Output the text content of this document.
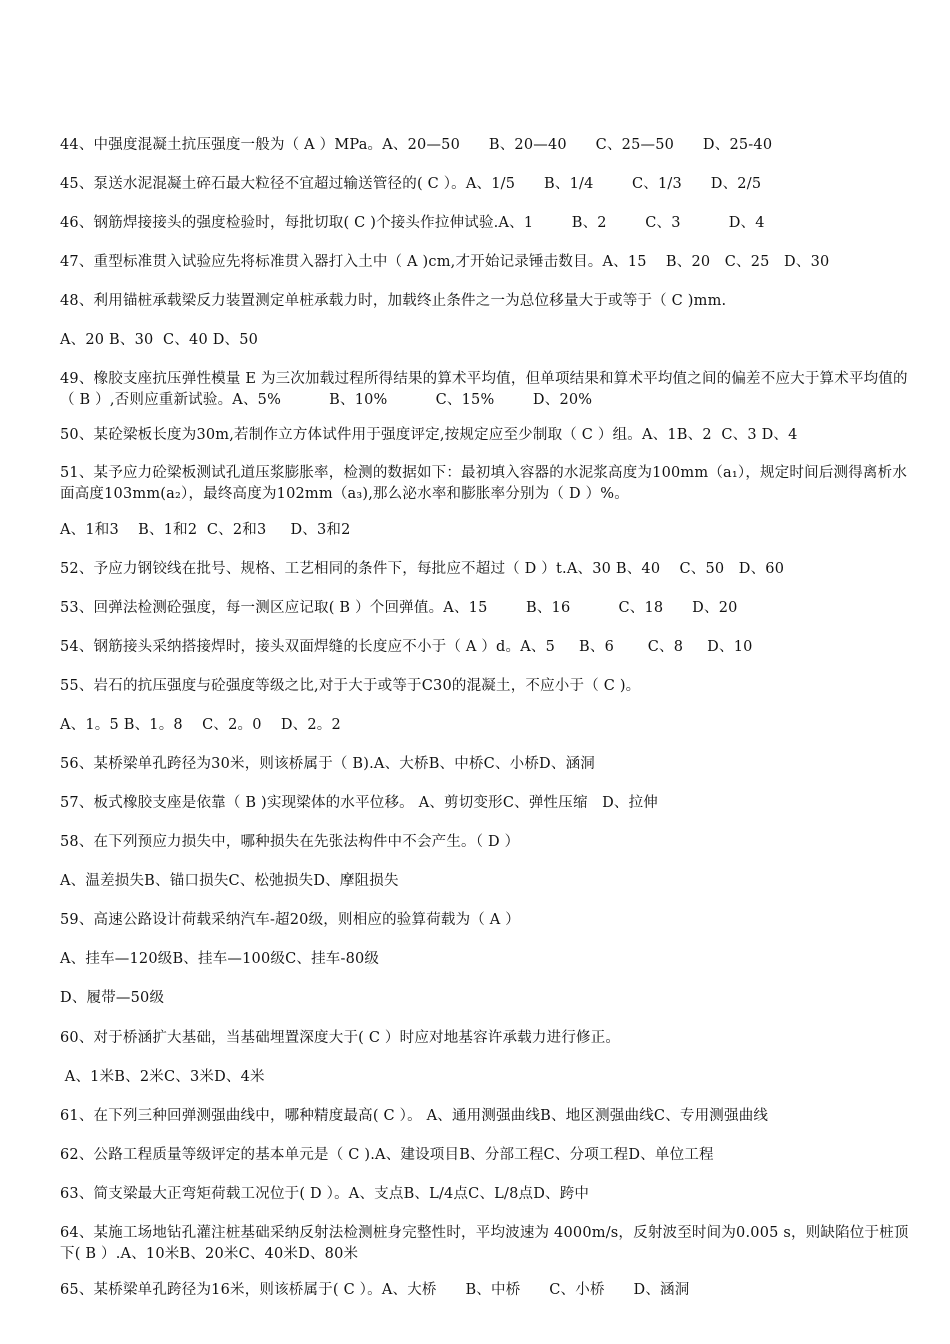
44、中强度混凝土抗压强度一般为（ A ）MPa。A、20—50      B、20—40      C、25—50      D、25-40
45、泵送水泥混凝土碎石最大粒径不宜超过输送管径的( C ）。A、1/5      B、1/4        C、1/3      D、2/5
46、钢筋焊接接头的强度检验时，每批切取( C )个接头作拉伸试验.A、1        B、2        C、3          D、4
47、重型标准贯入试验应先将标准贯入器打入土中（ A )cm,才开始记录锤击数目。A、15    B、20   C、25   D、30
48、利用锚桩承载梁反力装置测定单桩承载力时，加载终止条件之一为总位移量大于或等于（ C )mm.
A、20 B、30  C、40 D、50
49、橡胶支座抗压弹性模量 E 为三次加载过程所得结果的算术平均值，但单项结果和算术平均值之间的偏差不应大于算术平均值的（ B ）,否则应重新试验。A、5%          B、10%          C、15%        D、20%
50、某砼梁板长度为30m,若制作立方体试件用于强度评定,按规定应至少制取（ C ）组。A、1B、2  C、3 D、4
51、某予应力砼梁板测试孔道压浆膨胀率，检测的数据如下：最初填入容器的水泥浆高度为100mm（a₁），规定时间后测得离析水面高度103mm(a₂），最终高度为102mm（a₃),那么泌水率和膨胀率分别为（ D ）%。
A、1和3    B、1和2  C、2和3     D、3和2
52、予应力钢铰线在批号、规格、工艺相同的条件下，每批应不超过（ D ）t.A、30 B、40    C、50   D、60
53、回弹法检测砼强度，每一测区应记取( B ）个回弹值。A、15        B、16          C、18      D、20
54、钢筋接头采纳搭接焊时，接头双面焊缝的长度应不小于（ A ）d。A、5     B、6       C、8     D、10
55、岩石的抗压强度与砼强度等级之比,对于大于或等于C30的混凝土，不应小于（ C )。
A、1。5 B、1。8    C、2。0    D、2。2
56、某桥梁单孔跨径为30米，则该桥属于（ B).A、大桥B、中桥C、小桥D、涵洞
57、板式橡胶支座是依靠（ B )实现梁体的水平位移。 A、剪切变形C、弹性压缩   D、拉伸
58、在下列预应力损失中，哪种损失在先张法构件中不会产生。（ D ）
A、温差损失B、锚口损失C、松弛损失D、摩阻损失
59、高速公路设计荷载采纳汽车-超20级，则相应的验算荷载为（ A ）
A、挂车—120级B、挂车—100级C、挂车-80级
D、履带—50级
60、对于桥涵扩大基础，当基础埋置深度大于( C ）时应对地基容许承载力进行修正。
A、1米B、2米C、3米D、4米
61、在下列三种回弹测强曲线中，哪种精度最高( C ）。 A、通用测强曲线B、地区测强曲线C、专用测强曲线
62、公路工程质量等级评定的基本单元是（ C ).A、建设项目B、分部工程C、分项工程D、单位工程
63、简支梁最大正弯矩荷载工况位于( D ）。A、支点B、L/4点C、L/8点D、跨中
64、某施工场地钻孔灌注桩基础采纳反射法检测桩身完整性时，平均波速为 4000m/s，反射波至时间为0.005 s，则缺陷位于桩顶下( B ）.A、10米B、20米C、40米D、80米
65、某桥梁单孔跨径为16米，则该桥属于( C ）。A、大桥      B、中桥      C、小桥      D、涵洞
